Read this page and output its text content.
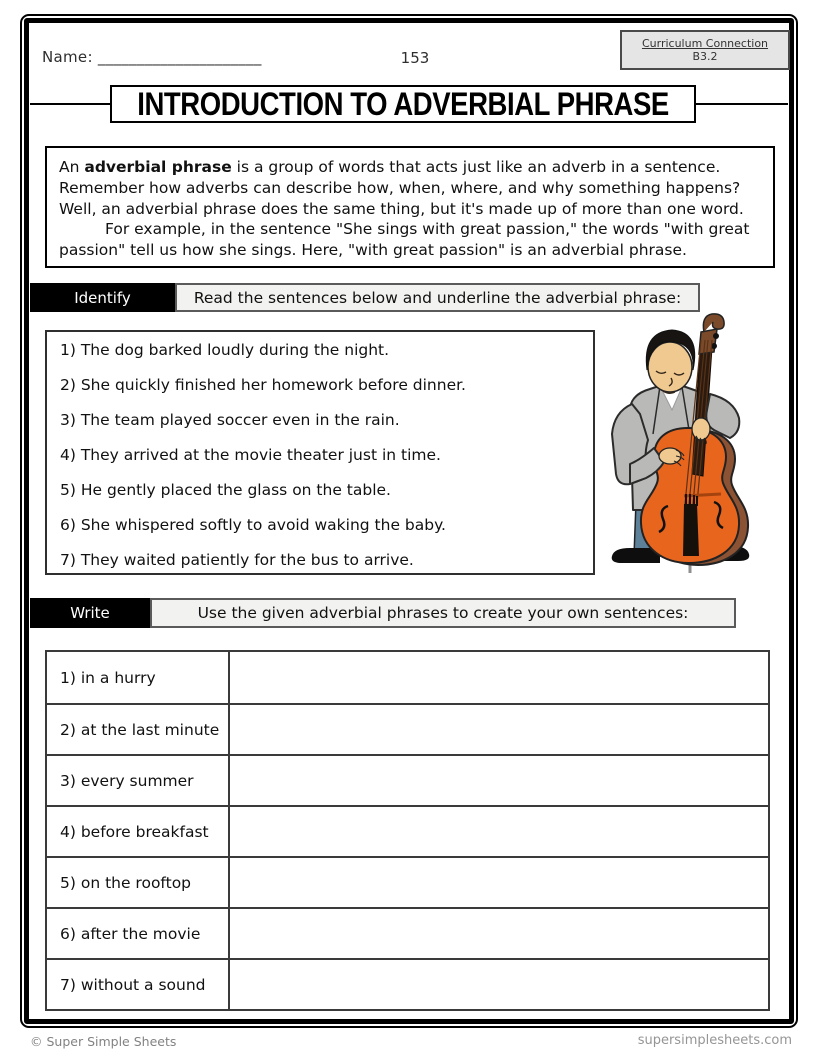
Name: _____________________	153
Curriculum Connection
B3.2
INTRODUCTION TO ADVERBIAL PHRASE
An adverbial phrase is a group of words that acts just like an adverb in a sentence. Remember how adverbs can describe how, when, where, and why something happens? Well, an adverbial phrase does the same thing, but it's made up of more than one word.
For example, in the sentence "She sings with great passion," the words "with great passion" tell us how she sings. Here, "with great passion" is an adverbial phrase.
Identify	Read the sentences below and underline the adverbial phrase:
1) The dog barked loudly during the night.
2) She quickly finished her homework before dinner.
3) The team played soccer even in the rain.
4) They arrived at the movie theater just in time.
5) He gently placed the glass on the table.
6) She whispered softly to avoid waking the baby.
7) They waited patiently for the bus to arrive.
Write	Use the given adverbial phrases to create your own sentences:
1) in a hurry
2) at the last minute
3) every summer
4) before breakfast
5) on the rooftop
6) after the movie
7) without a sound
© Super Simple Sheets	supersimplesheets.com
